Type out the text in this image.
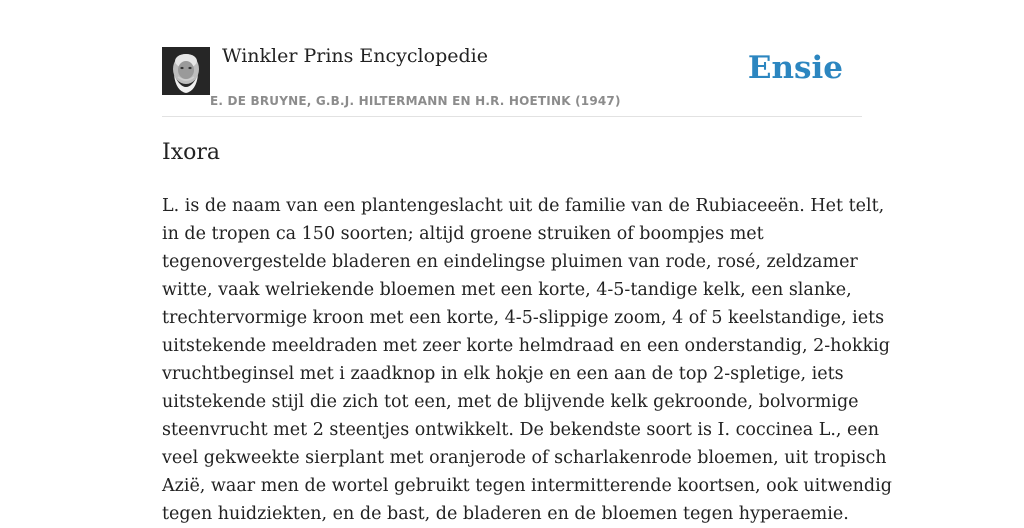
Winkler Prins Encyclopedie
E. DE BRUYNE, G.B.J. HILTERMANN EN H.R. HOETINK (1947)
Ensie
Ixora
L. is de naam van een plantengeslacht uit de familie van de Rubiaceeën. Het telt,
in de tropen ca 150 soorten; altijd groene struiken of boompjes met
tegenovergestelde bladeren en eindelingse pluimen van rode, rosé, zeldzamer
witte, vaak welriekende bloemen met een korte, 4-5-tandige kelk, een slanke,
trechtervormige kroon met een korte, 4-5-slippige zoom, 4 of 5 keelstandige, iets
uitstekende meeldraden met zeer korte helmdraad en een onderstandig, 2-hokkig
vruchtbeginsel met i zaadknop in elk hokje en een aan de top 2-spletige, iets
uitstekende stijl die zich tot een, met de blijvende kelk gekroonde, bolvormige
steenvrucht met 2 steentjes ontwikkelt. De bekendste soort is I. coccinea L., een
veel gekweekte sierplant met oranjerode of scharlakenrode bloemen, uit tropisch
Azië, waar men de wortel gebruikt tegen intermitterende koortsen, ook uitwendig
tegen huidziekten, en de bast, de bladeren en de bloemen tegen hyperaemie.
